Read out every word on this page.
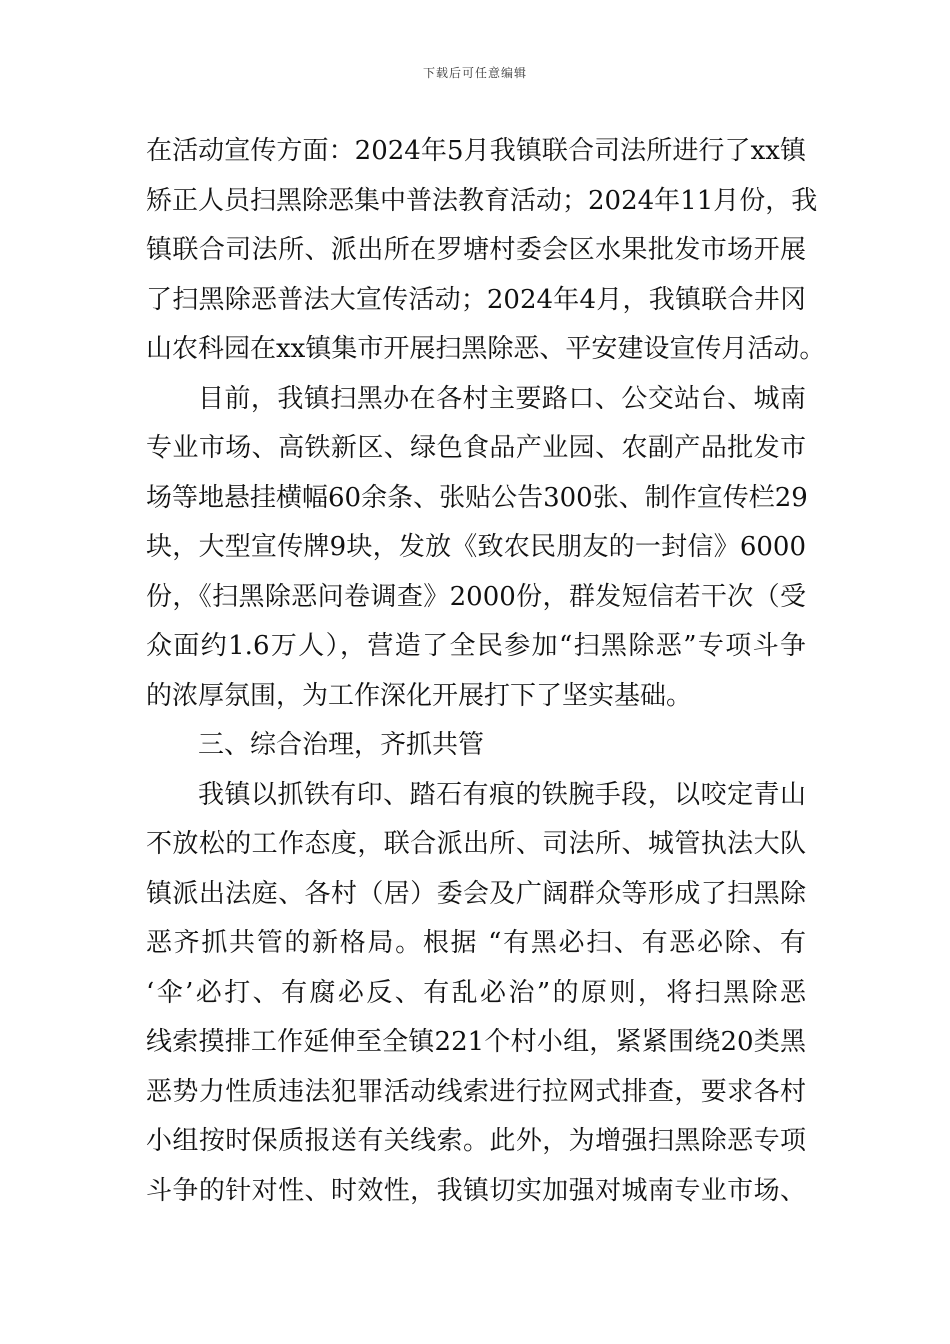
下载后可任意编辑
在活动宣传方面：2024年5月我镇联合司法所进行了xx镇
矫正人员扫黑除恶集中普法教育活动；2024年11月份，我
镇联合司法所、派出所在罗塘村委会区水果批发市场开展
了扫黑除恶普法大宣传活动；2024年4月，我镇联合井冈
山农科园在xx镇集市开展扫黑除恶、平安建设宣传月活动。
目前，我镇扫黑办在各村主要路口、公交站台、城南
专业市场、高铁新区、绿色食品产业园、农副产品批发市
场等地悬挂横幅60余条、张贴公告300张、制作宣传栏29
块，大型宣传牌9块，发放《致农民朋友的一封信》6000
份，《扫黑除恶问卷调查》2000份，群发短信若干次（受
众面约1.6万人），营造了全民参加“扫黑除恶”专项斗争
的浓厚氛围，为工作深化开展打下了坚实基础。
三、综合治理，齐抓共管
我镇以抓铁有印、踏石有痕的铁腕手段，以咬定青山
不放松的工作态度，联合派出所、司法所、城管执法大队
镇派出法庭、各村（居）委会及广阔群众等形成了扫黑除
恶齐抓共管的新格局。根据 “有黑必扫、有恶必除、有
‘伞’必打、有腐必反、有乱必治”的原则，将扫黑除恶
线索摸排工作延伸至全镇221个村小组，紧紧围绕20类黑
恶势力性质违法犯罪活动线索进行拉网式排查，要求各村
小组按时保质报送有关线索。此外，为增强扫黑除恶专项
斗争的针对性、时效性，我镇切实加强对城南专业市场、
